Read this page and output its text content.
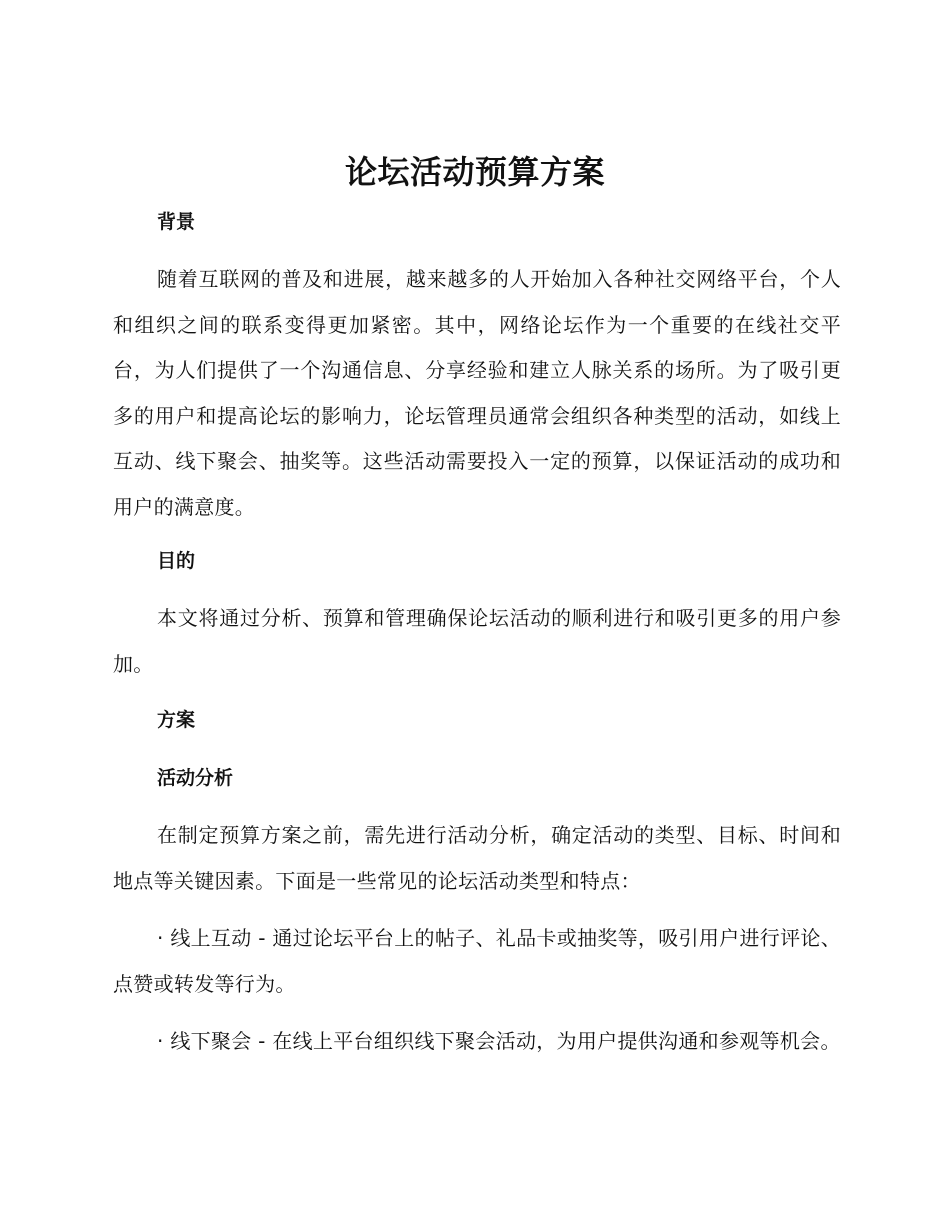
论坛活动预算方案
背景

随着互联网的普及和进展，越来越多的人开始加入各种社交网络平台，个人和组织之间的联系变得更加紧密。其中，网络论坛作为一个重要的在线社交平台，为人们提供了一个沟通信息、分享经验和建立人脉关系的场所。为了吸引更多的用户和提高论坛的影响力，论坛管理员通常会组织各种类型的活动，如线上互动、线下聚会、抽奖等。这些活动需要投入一定的预算，以保证活动的成功和用户的满意度。

目的

本文将通过分析、预算和管理确保论坛活动的顺利进行和吸引更多的用户参加。

方案
活动分析

在制定预算方案之前，需先进行活动分析，确定活动的类型、目标、时间和地点等关键因素。下面是一些常见的论坛活动类型和特点：

· 线上互动 - 通过论坛平台上的帖子、礼品卡或抽奖等，吸引用户进行评论、点赞或转发等行为。

· 线下聚会 - 在线上平台组织线下聚会活动，为用户提供沟通和参观等机会。
